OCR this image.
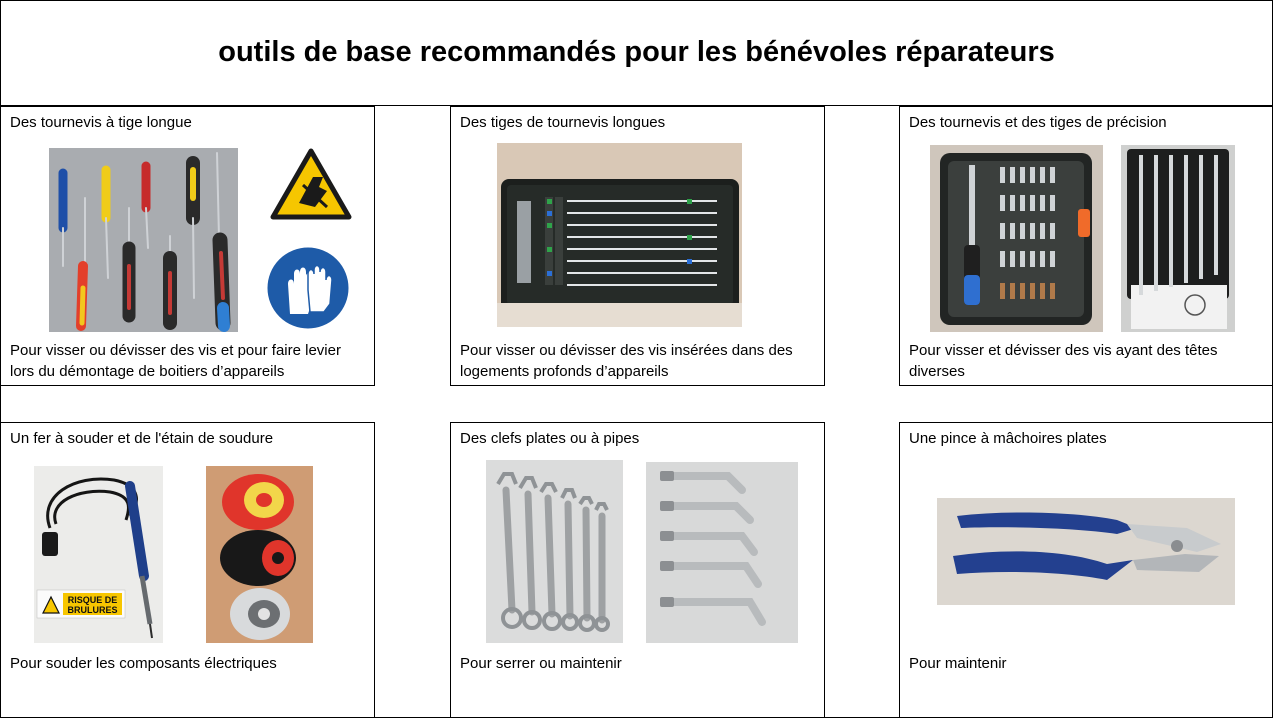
outils de base recommandés pour les bénévoles réparateurs
Des tournevis à tige longue
Pour visser ou dévisser des vis et pour faire levier
lors du démontage de boitiers d’appareils
Des tiges de tournevis longues
Pour visser ou dévisser des vis insérées dans des
logements profonds d’appareils
Des tournevis et des tiges de précision
Pour visser et dévisser des vis ayant des têtes
diverses
Un fer à souder et de l'étain de soudure
RISQUE DE
BRULURES
Pour souder les composants électriques
Des clefs plates ou à pipes
Pour serrer ou maintenir
Une pince à mâchoires plates
Pour maintenir
